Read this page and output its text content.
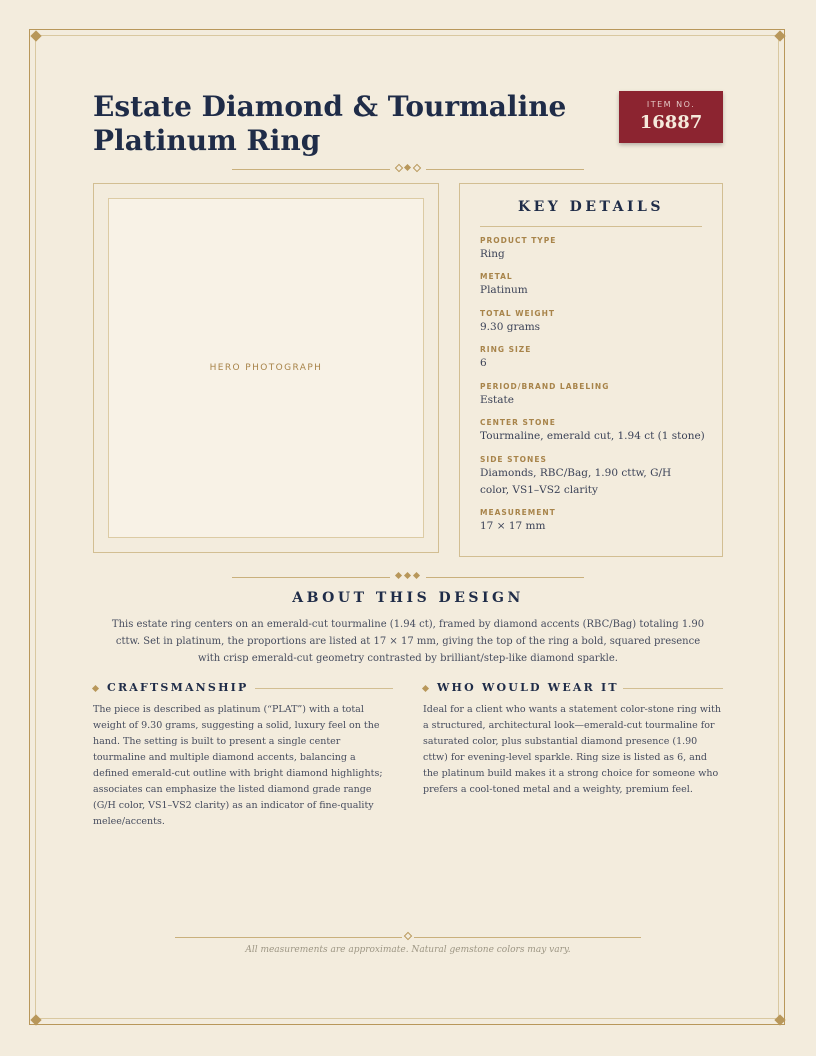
Estate Diamond & Tourmaline Platinum Ring
ITEM NO.
16887
HERO PHOTOGRAPH
KEY DETAILS
PRODUCT TYPE
Ring
METAL
Platinum
TOTAL WEIGHT
9.30 grams
RING SIZE
6
PERIOD/BRAND LABELING
Estate
CENTER STONE
Tourmaline, emerald cut, 1.94 ct (1 stone)
SIDE STONES
Diamonds, RBC/Bag, 1.90 cttw, G/H color, VS1–VS2 clarity
MEASUREMENT
17 × 17 mm
ABOUT THIS DESIGN

This estate ring centers on an emerald-cut tourmaline (1.94 ct), framed by diamond accents (RBC/Bag) totaling 1.90 cttw. Set in platinum, the proportions are listed at 17 × 17 mm, giving the top of the ring a bold, squared presence with crisp emerald-cut geometry contrasted by brilliant/step-like diamond sparkle.

CRAFTSMANSHIP

The piece is described as platinum (“PLAT”) with a total weight of 9.30 grams, suggesting a solid, luxury feel on the hand. The setting is built to present a single center tourmaline and multiple diamond accents, balancing a defined emerald-cut outline with bright diamond highlights; associates can emphasize the listed diamond grade range (G/H color, VS1–VS2 clarity) as an indicator of fine-quality melee/accents.

WHO WOULD WEAR IT

Ideal for a client who wants a statement color-stone ring with a structured, architectural look—emerald-cut tourmaline for saturated color, plus substantial diamond presence (1.90 cttw) for evening-level sparkle. Ring size is listed as 6, and the platinum build makes it a strong choice for someone who prefers a cool-toned metal and a weighty, premium feel.

All measurements are approximate. Natural gemstone colors may vary.
